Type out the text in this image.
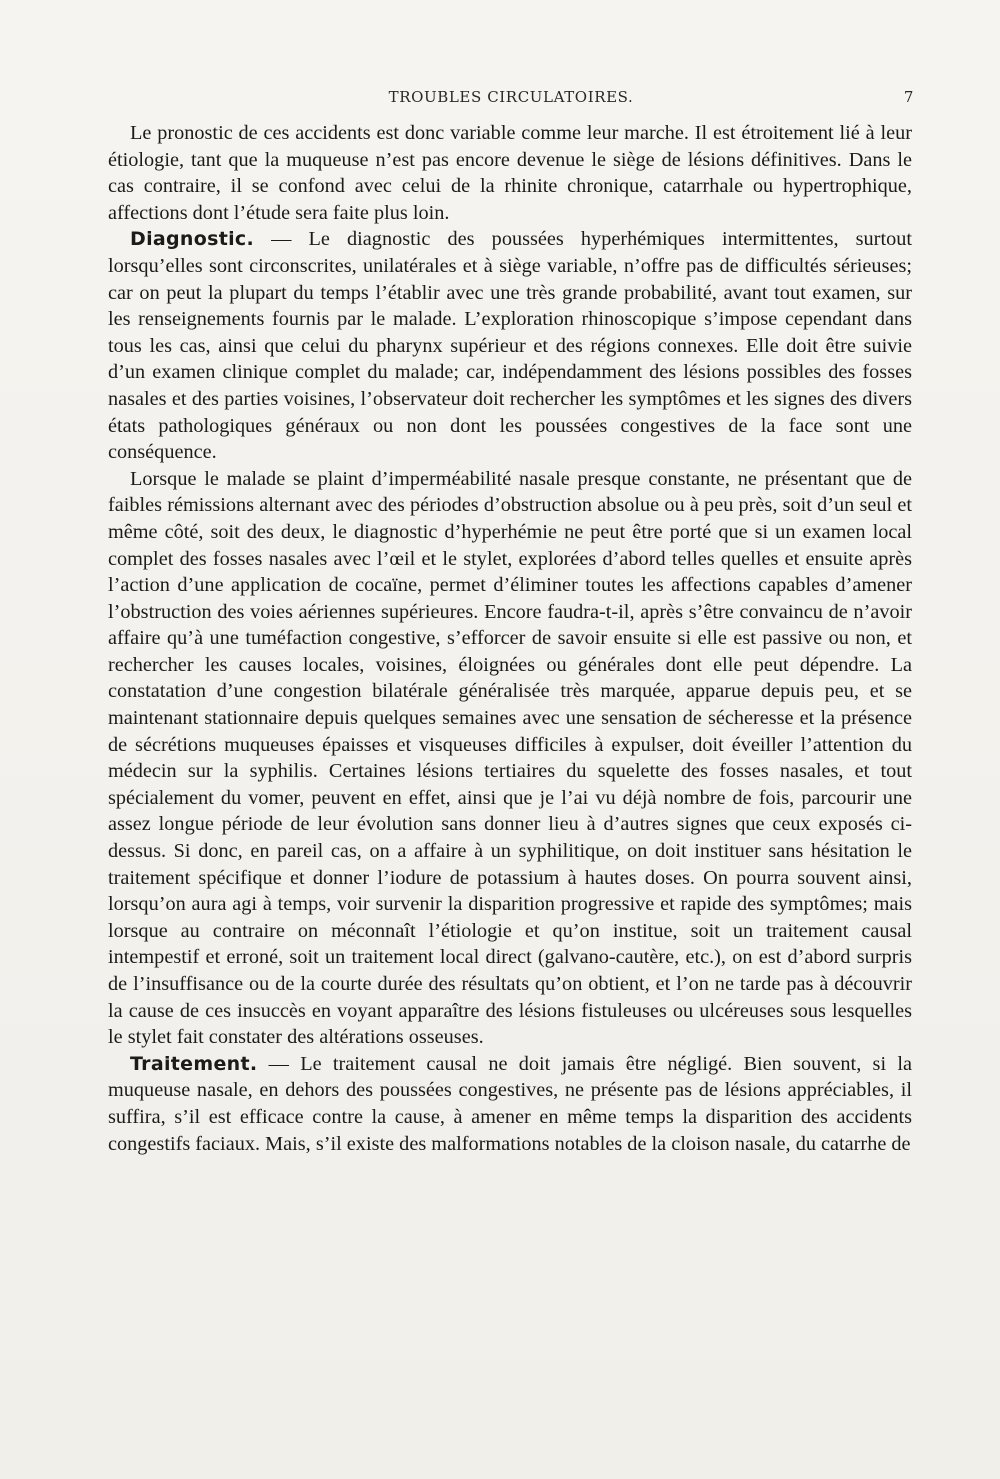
TROUBLES CIRCULATOIRES.	7

Le pronostic de ces accidents est donc variable comme leur marche. Il est étroitement lié à leur étiologie, tant que la muqueuse n’est pas encore devenue le siège de lésions définitives. Dans le cas contraire, il se confond avec celui de la rhinite chronique, catarrhale ou hypertrophique, affections dont l’étude sera faite plus loin.

Diagnostic. — Le diagnostic des poussées hyperhémiques intermittentes, surtout lorsqu’elles sont circonscrites, unilatérales et à siège variable, n’offre pas de difficultés sérieuses; car on peut la plupart du temps l’établir avec une très grande probabilité, avant tout examen, sur les renseignements fournis par le malade. L’exploration rhinoscopique s’impose cependant dans tous les cas, ainsi que celui du pharynx supérieur et des régions connexes. Elle doit être suivie d’un examen clinique complet du malade; car, indépendamment des lésions possibles des fosses nasales et des parties voisines, l’observateur doit rechercher les symptômes et les signes des divers états pathologiques généraux ou non dont les poussées congestives de la face sont une conséquence.

Lorsque le malade se plaint d’imperméabilité nasale presque constante, ne présentant que de faibles rémissions alternant avec des périodes d’obstruction absolue ou à peu près, soit d’un seul et même côté, soit des deux, le diagnostic d’hyperhémie ne peut être porté que si un examen local complet des fosses nasales avec l’œil et le stylet, explorées d’abord telles quelles et ensuite après l’action d’une application de cocaïne, permet d’éliminer toutes les affections capables d’amener l’obstruction des voies aériennes supérieures. Encore faudra-t-il, après s’être convaincu de n’avoir affaire qu’à une tuméfaction congestive, s’efforcer de savoir ensuite si elle est passive ou non, et rechercher les causes locales, voisines, éloignées ou générales dont elle peut dépendre. La constatation d’une congestion bilatérale généralisée très marquée, apparue depuis peu, et se maintenant stationnaire depuis quelques semaines avec une sensation de sécheresse et la présence de sécrétions muqueuses épaisses et visqueuses difficiles à expulser, doit éveiller l’attention du médecin sur la syphilis. Certaines lésions tertiaires du squelette des fosses nasales, et tout spécialement du vomer, peuvent en effet, ainsi que je l’ai vu déjà nombre de fois, parcourir une assez longue période de leur évolution sans donner lieu à d’autres signes que ceux exposés ci-dessus. Si donc, en pareil cas, on a affaire à un syphilitique, on doit instituer sans hésitation le traitement spécifique et donner l’iodure de potassium à hautes doses. On pourra souvent ainsi, lorsqu’on aura agi à temps, voir survenir la disparition progressive et rapide des symptômes; mais lorsque au contraire on méconnaît l’étiologie et qu’on institue, soit un traitement causal intempestif et erroné, soit un traitement local direct (galvano-cautère, etc.), on est d’abord surpris de l’insuffisance ou de la courte durée des résultats qu’on obtient, et l’on ne tarde pas à découvrir la cause de ces insuccès en voyant apparaître des lésions fistuleuses ou ulcéreuses sous lesquelles le stylet fait constater des altérations osseuses.

Traitement. — Le traitement causal ne doit jamais être négligé. Bien souvent, si la muqueuse nasale, en dehors des poussées congestives, ne présente pas de lésions appréciables, il suffira, s’il est efficace contre la cause, à amener en même temps la disparition des accidents congestifs faciaux. Mais, s’il existe des malformations notables de la cloison nasale, du catarrhe de
